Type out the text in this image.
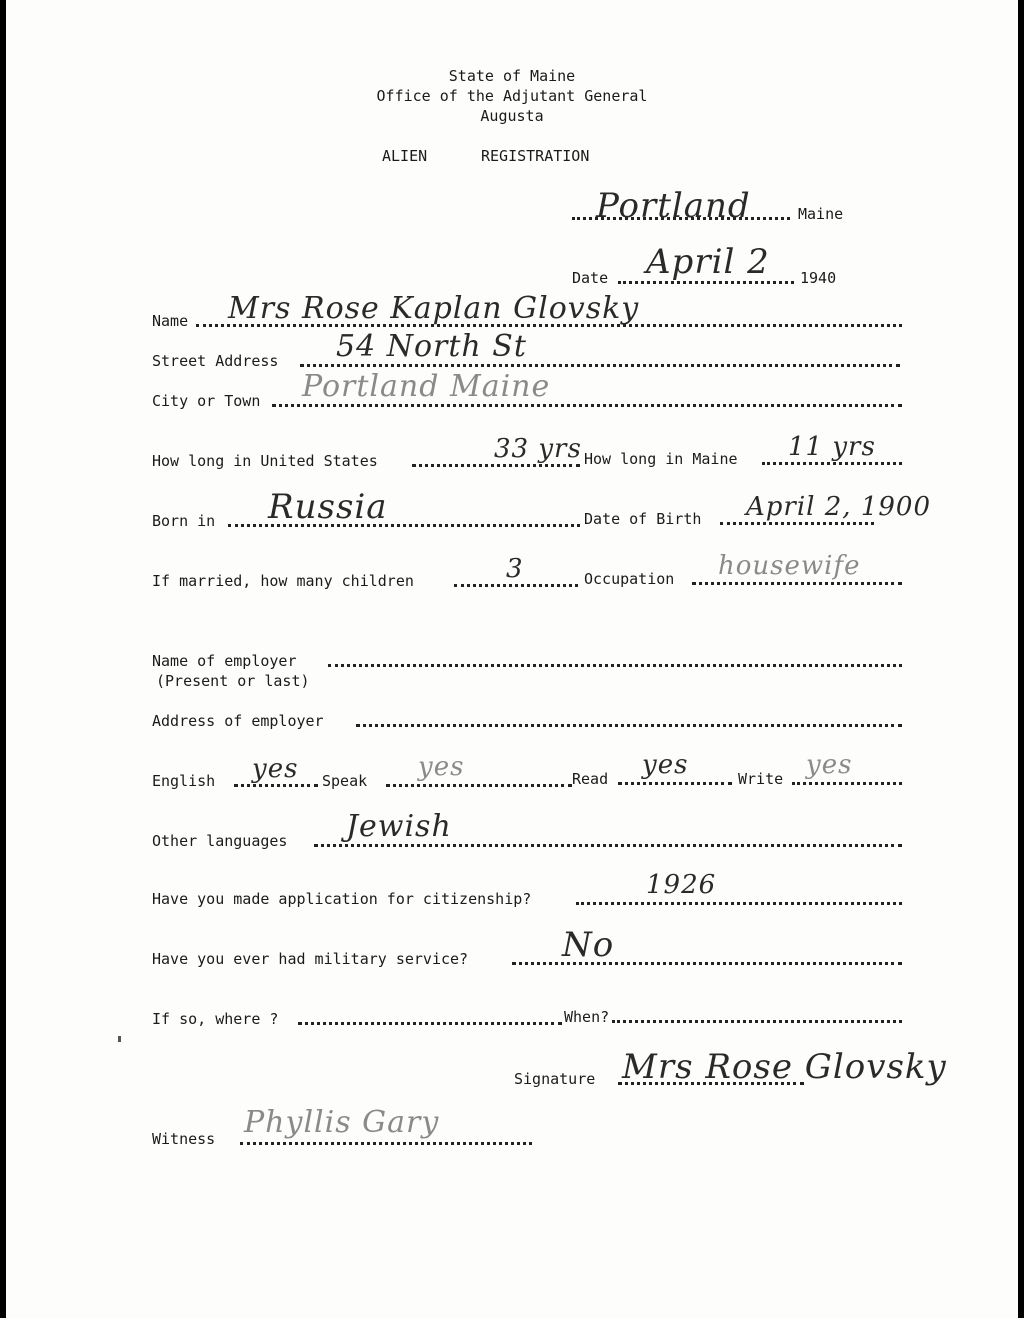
State of Maine
Office of the Adjutant General
Augusta
ALIEN	REGISTRATION
Portland	Maine
Date April 2 1940
Name Mrs Rose Kaplan Glovsky
Street Address 54 North St
City or Town Portland Maine
How long in United States	33 yrs How long in Maine 11 yrs
Born in Russia	Date of Birth April 2, 1900
If married, how many children	3	Occupation housewife
Name of employer
(Present or last)
Address of employer
English yes Speak yes	Read yes	Write yes
Other languages Jewish
Have you made application for citizenship?	1926
Have you ever had military service?	No
If so, where ?	When?
Signature Mrs Rose Glovsky
Witness Phyllis Gary
